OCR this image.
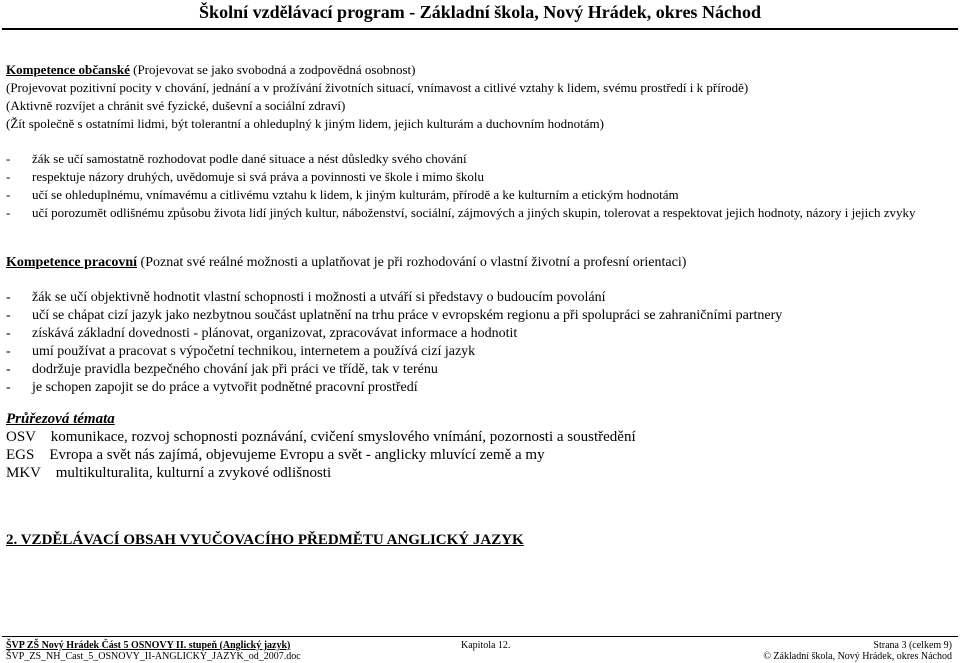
Školní vzdělávací program - Základní škola, Nový Hrádek, okres Náchod
Kompetence občanské (Projevovat se jako svobodná a zodpovědná osobnost)
(Projevovat pozitivní pocity v chování, jednání a v prožívání životních situací, vnímavost a citlivé vztahy k lidem, svému prostředí i k přírodě)
(Aktivně rozvíjet a chránit své fyzické, duševní a sociální zdraví)
(Žít společně s ostatními lidmi, být tolerantní a ohleduplný k jiným lidem, jejich kulturám a duchovním hodnotám)
- žák se učí samostatně rozhodovat podle dané situace a nést důsledky svého chování
- respektuje názory druhých, uvědomuje si svá práva a povinnosti ve škole i mimo školu
- učí se ohleduplnému, vnímavému a citlivému vztahu k lidem, k jiným kulturám, přírodě a ke kulturním a etickým hodnotám
- učí porozumět odlišnému způsobu života lidí jiných kultur, náboženství, sociální, zájmových a jiných skupin, tolerovat a respektovat jejich hodnoty, názory i jejich zvyky
Kompetence pracovní (Poznat své reálné možnosti a uplatňovat je při rozhodování o vlastní životní a profesní orientaci)
- žák se učí objektivně hodnotit vlastní schopnosti i možnosti a utváří si představy o budoucím povolání
- učí se chápat cizí jazyk jako nezbytnou součást uplatnění na trhu práce v evropském regionu a při spolupráci se zahraničními partnery
- získává základní dovednosti - plánovat, organizovat, zpracovávat informace a hodnotit
- umí používat a pracovat s výpočetní technikou, internetem a používá cizí jazyk
- dodržuje pravidla bezpečného chování jak při práci ve třídě, tak v terénu
- je schopen zapojit se do práce a vytvořit podnětné pracovní prostředí
Průřezová témata
OSV    komunikace, rozvoj schopnosti poznávání, cvičení smyslového vnímání, pozornosti a soustředění
EGS    Evropa a svět nás zajímá, objevujeme Evropu a svět - anglicky mluvící země a my
MKV    multikulturalita, kulturní a zvykové odlišnosti
2. VZDĚLÁVACÍ OBSAH VYUČOVACÍHO PŘEDMĚTU ANGLICKÝ JAZYK
ŠVP ZŠ Nový Hrádek Část 5 OSNOVY II. stupeň (Anglický jazyk)
ŠVP_ZS_NH_Cast_5_OSNOVY_II-ANGLICKY_JAZYK_od_2007.doc
Kapitola 12.	Strana 3 (celkem 9)
© Základní škola, Nový Hrádek, okres Náchod
